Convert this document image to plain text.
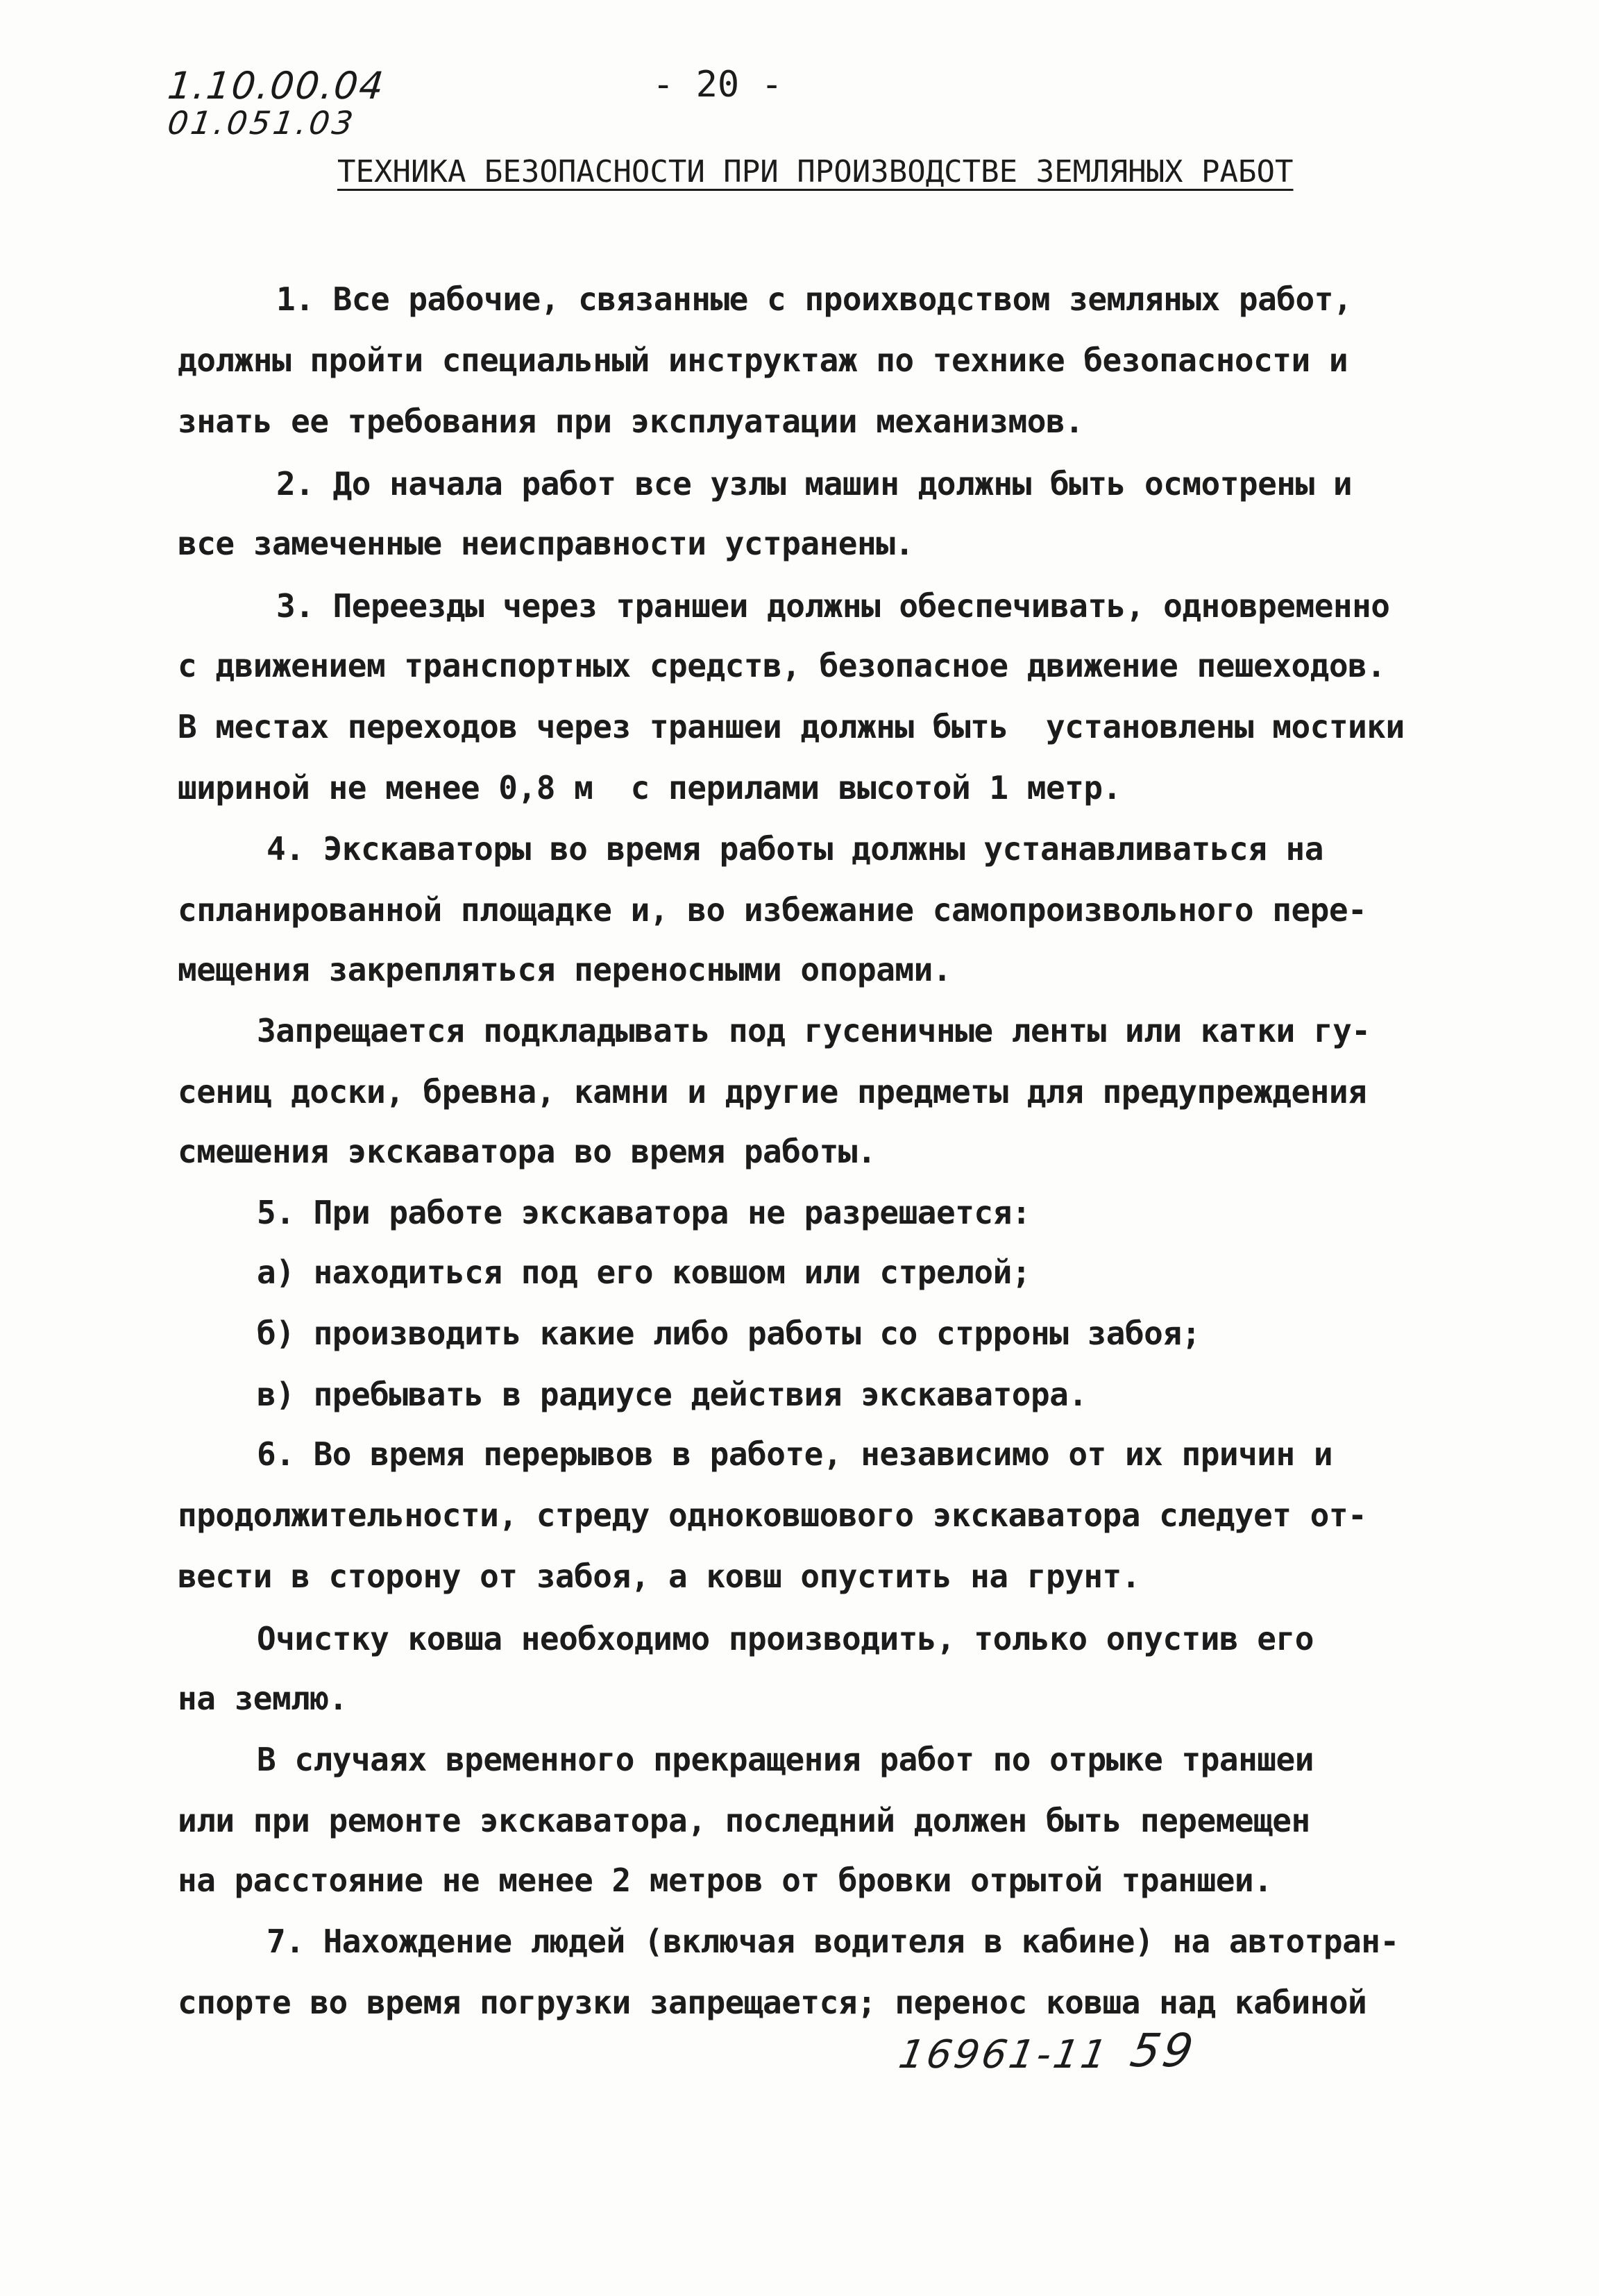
1.10.00.04
01.051.03
- 20 -
ТЕХНИКА БЕЗОПАСНОСТИ ПРИ ПРОИЗВОДСТВЕ ЗЕМЛЯНЫХ РАБОТ
1. Все рабочие, связанные с проихводством земляных работ,
должны пройти специальный инструктаж по технике безопасности и
знать ее требования при эксплуатации механизмов.
2. До начала работ все узлы машин должны быть осмотрены и
все замеченные неисправности устранены.
3. Переезды через траншеи должны обеспечивать, одновременно
с движением транспортных средств, безопасное движение пешеходов.
В местах переходов через траншеи должны быть  установлены мостики
шириной не менее 0,8 м  с перилами высотой 1 метр.
4. Экскаваторы во время работы должны устанавливаться на
спланированной площадке и, во избежание самопроизвольного пере-
мещения закрепляться переносными опорами.
Запрещается подкладывать под гусеничные ленты или катки гу-
сениц доски, бревна, камни и другие предметы для предупреждения
смешения экскаватора во время работы.
5. При работе экскаватора не разрешается:
а) находиться под его ковшом или стрелой;
б) производить какие либо работы со стрроны забоя;
в) пребывать в радиусе действия экскаватора.
6. Во время перерывов в работе, независимо от их причин и
продолжительности, стреду одноковшового экскаватора следует от-
вести в сторону от забоя, а ковш опустить на грунт.
Очистку ковша необходимо производить, только опустив его
на землю.
В случаях временного прекращения работ по отрыке траншеи
или при ремонте экскаватора, последний должен быть перемещен
на расстояние не менее 2 метров от бровки отрытой траншеи.
7. Нахождение людей (включая водителя в кабине) на автотран-
спорте во время погрузки запрещается; перенос ковша над кабиной
16961-11 59
